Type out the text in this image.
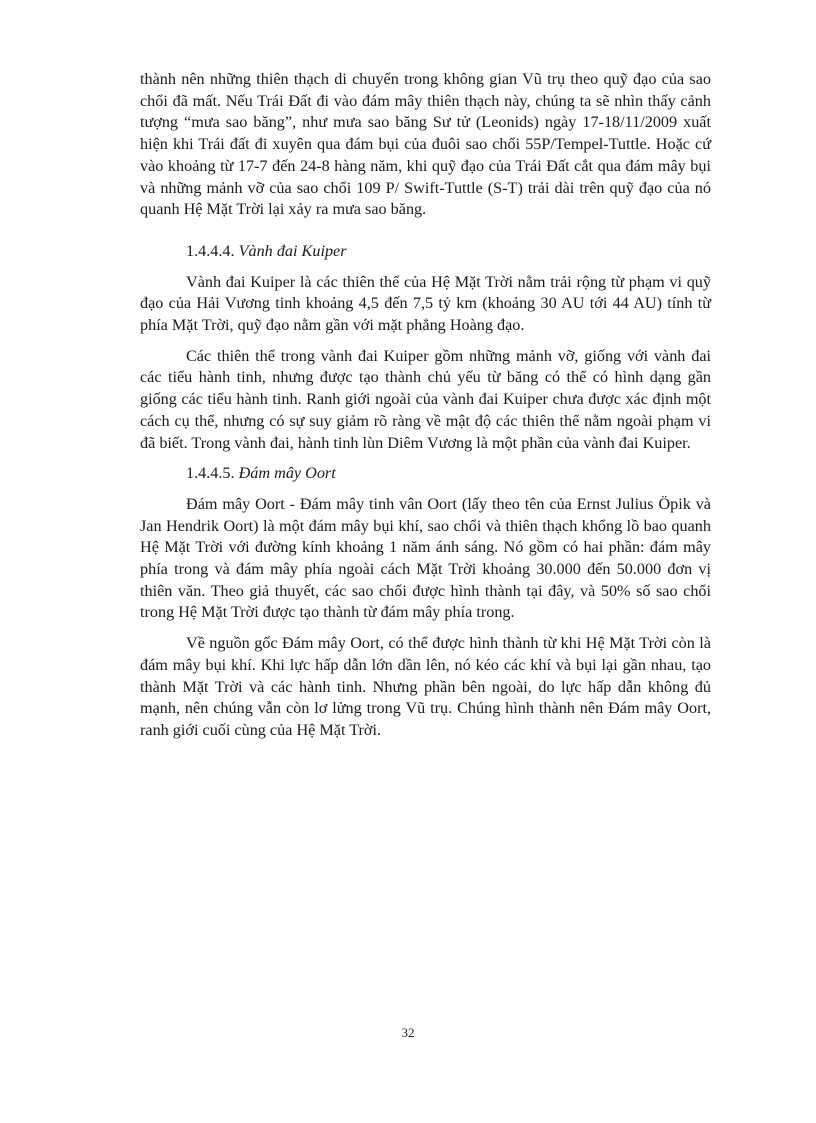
thành nên những thiên thạch di chuyển trong không gian Vũ trụ theo quỹ đạo của sao chổi đã mất. Nếu Trái Đất đi vào đám mây thiên thạch này, chúng ta sẽ nhìn thấy cảnh tượng “mưa sao băng”, như mưa sao băng Sư tử (Leonids) ngày 17-18/11/2009 xuất hiện khi Trái đất đi xuyên qua đám bụi của đuôi sao chổi 55P/Tempel-Tuttle. Hoặc cứ vào khoảng từ 17-7 đến 24-8 hàng năm, khi quỹ đạo của Trái Đất cắt qua đám mây bụi và những mảnh vỡ của sao chổi 109 P/ Swift-Tuttle (S-T) trải dài trên quỹ đạo của nó quanh Hệ Mặt Trời lại xảy ra mưa sao băng.

1.4.4.4. Vành đai Kuiper

Vành đai Kuiper là các thiên thể của Hệ Mặt Trời nằm trải rộng từ phạm vi quỹ đạo của Hải Vương tinh khoảng 4,5 đến 7,5 tỷ km (khoảng 30 AU tới 44 AU) tính từ phía Mặt Trời, quỹ đạo nằm gần với mặt phẳng Hoàng đạo.

Các thiên thể trong vành đai Kuiper gồm những mảnh vỡ, giống với vành đai các tiểu hành tinh, nhưng được tạo thành chủ yếu từ băng có thể có hình dạng gần giống các tiểu hành tinh. Ranh giới ngoài của vành đai Kuiper chưa được xác định một cách cụ thể, nhưng có sự suy giảm rõ ràng về mật độ các thiên thể nằm ngoài phạm vi đã biết. Trong vành đai, hành tinh lùn Diêm Vương là một phần của vành đai Kuiper.

1.4.4.5. Đám mây Oort

Đám mây Oort - Đám mây tinh vân Oort (lấy theo tên của Ernst Julius Öpik và Jan Hendrik Oort) là một đám mây bụi khí, sao chổi và thiên thạch khổng lồ bao quanh Hệ Mặt Trời với đường kính khoảng 1 năm ánh sáng. Nó gồm có hai phần: đám mây phía trong và đám mây phía ngoài cách Mặt Trời khoảng 30.000 đến 50.000 đơn vị thiên văn. Theo giả thuyết, các sao chổi được hình thành tại đây, và 50% số sao chổi trong Hệ Mặt Trời được tạo thành từ đám mây phía trong.

Về nguồn gốc Đám mây Oort, có thể được hình thành từ khi Hệ Mặt Trời còn là đám mây bụi khí. Khi lực hấp dẫn lớn dần lên, nó kéo các khí và bụi lại gần nhau, tạo thành Mặt Trời và các hành tinh. Nhưng phần bên ngoài, do lực hấp dẫn không đủ mạnh, nên chúng vẫn còn lơ lửng trong Vũ trụ. Chúng hình thành nên Đám mây Oort, ranh giới cuối cùng của Hệ Mặt Trời.

32
